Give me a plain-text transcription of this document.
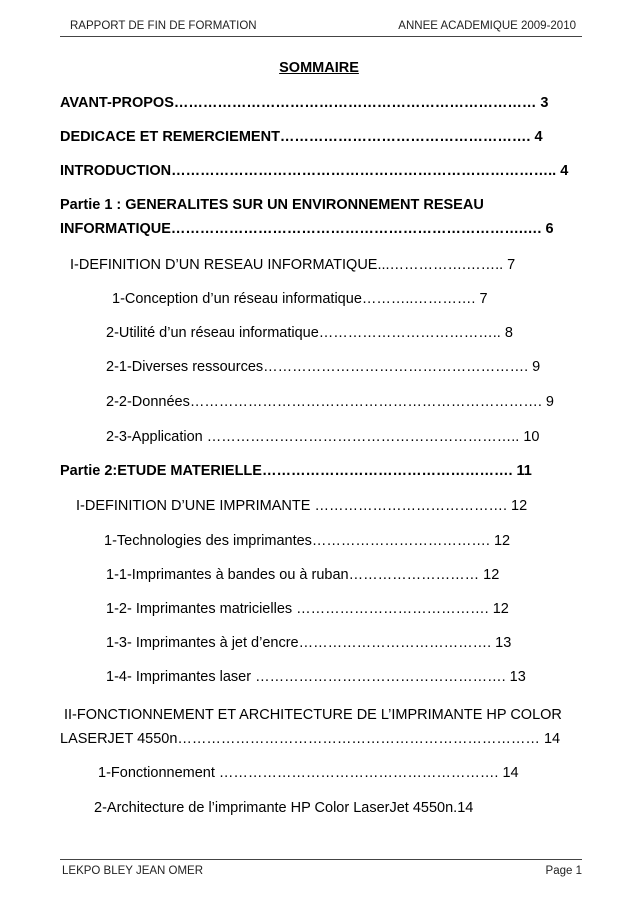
RAPPORT DE FIN DE FORMATION	ANNEE ACADEMIQUE 2009-2010
SOMMAIRE
AVANT-PROPOS………………………………………………………………… 3
DEDICACE ET REMERCIEMENT……………………………………………. 4
INTRODUCTION…………………………………………………………………….. 4
Partie 1 : GENERALITES SUR UN ENVIRONNEMENT RESEAU
INFORMATIQUE……………………………………………………………….…. 6
I-DEFINITION D’UN RESEAU INFORMATIQUE...…………….…….. 7
1-Conception d’un réseau informatique………..…………. 7
2-Utilité d’un réseau informatique……………………………….. 8
2-1-Diverses ressources………………………………………………. 9
2-2-Données………………………………………………………………. 9
2-3-Application ……………………………………………………….. 10
Partie 2:ETUDE MATERIELLE……………………………………………. 11
I-DEFINITION D’UNE IMPRIMANTE …………………………………. 12
1-Technologies des imprimantes………………………………. 12
1-1-Imprimantes à bandes ou à ruban……………………… 12
1-2- Imprimantes matricielles …………………………………. 12
1-3- Imprimantes à jet d’encre…………………………………. 13
1-4- Imprimantes laser ……………………………………………. 13
II-FONCTIONNEMENT ET ARCHITECTURE DE L’IMPRIMANTE HP COLOR
LASERJET 4550n………………………………………………………………… 14
1-Fonctionnement …………………………………………………. 14
2-Architecture de l’imprimante HP Color LaserJet 4550n.14
LEKPO BLEY JEAN OMER	Page 1
